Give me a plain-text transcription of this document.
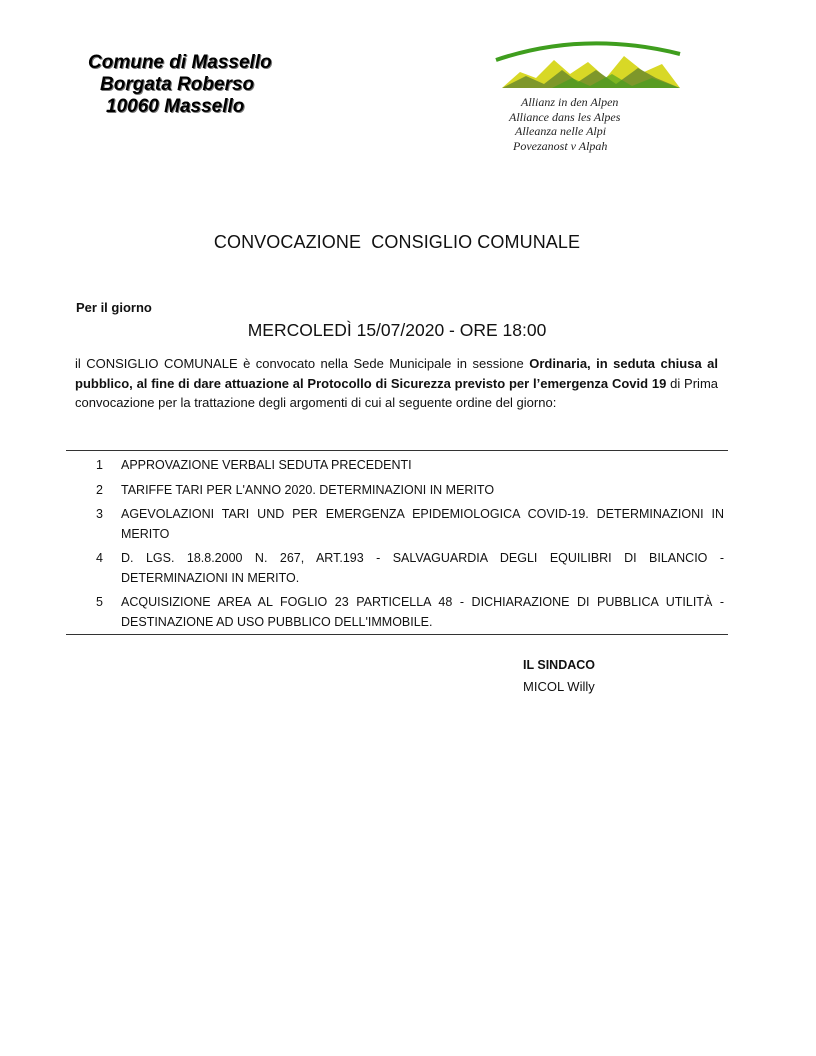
Comune di Massello
Borgata Roberso
10060 Massello	Allianz in den Alpen
Alliance dans les Alpes
Alleanza nelle Alpi
Povezanost v Alpah
CONVOCAZIONE  CONSIGLIO COMUNALE
Per il giorno
MERCOLEDÌ 15/07/2020 - ORE 18:00
il CONSIGLIO COMUNALE è convocato nella Sede Municipale in sessione Ordinaria, in seduta chiusa al pubblico, al fine di dare attuazione al Protocollo di Sicurezza previsto per l’emergenza Covid 19 di Prima convocazione per la trattazione degli argomenti di cui al seguente ordine del giorno:
1	APPROVAZIONE VERBALI SEDUTA PRECEDENTI
2	TARIFFE TARI PER L'ANNO 2020. DETERMINAZIONI IN MERITO
3	AGEVOLAZIONI TARI UND PER EMERGENZA EPIDEMIOLOGICA COVID-19. DETERMINAZIONI IN MERITO
4	D. LGS. 18.8.2000 N. 267, ART.193 - SALVAGUARDIA DEGLI EQUILIBRI DI BILANCIO - DETERMINAZIONI IN MERITO.
5	ACQUISIZIONE AREA AL FOGLIO 23 PARTICELLA 48 - DICHIARAZIONE DI PUBBLICA UTILITÀ - DESTINAZIONE AD USO PUBBLICO DELL'IMMOBILE.
IL SINDACO
MICOL Willy
